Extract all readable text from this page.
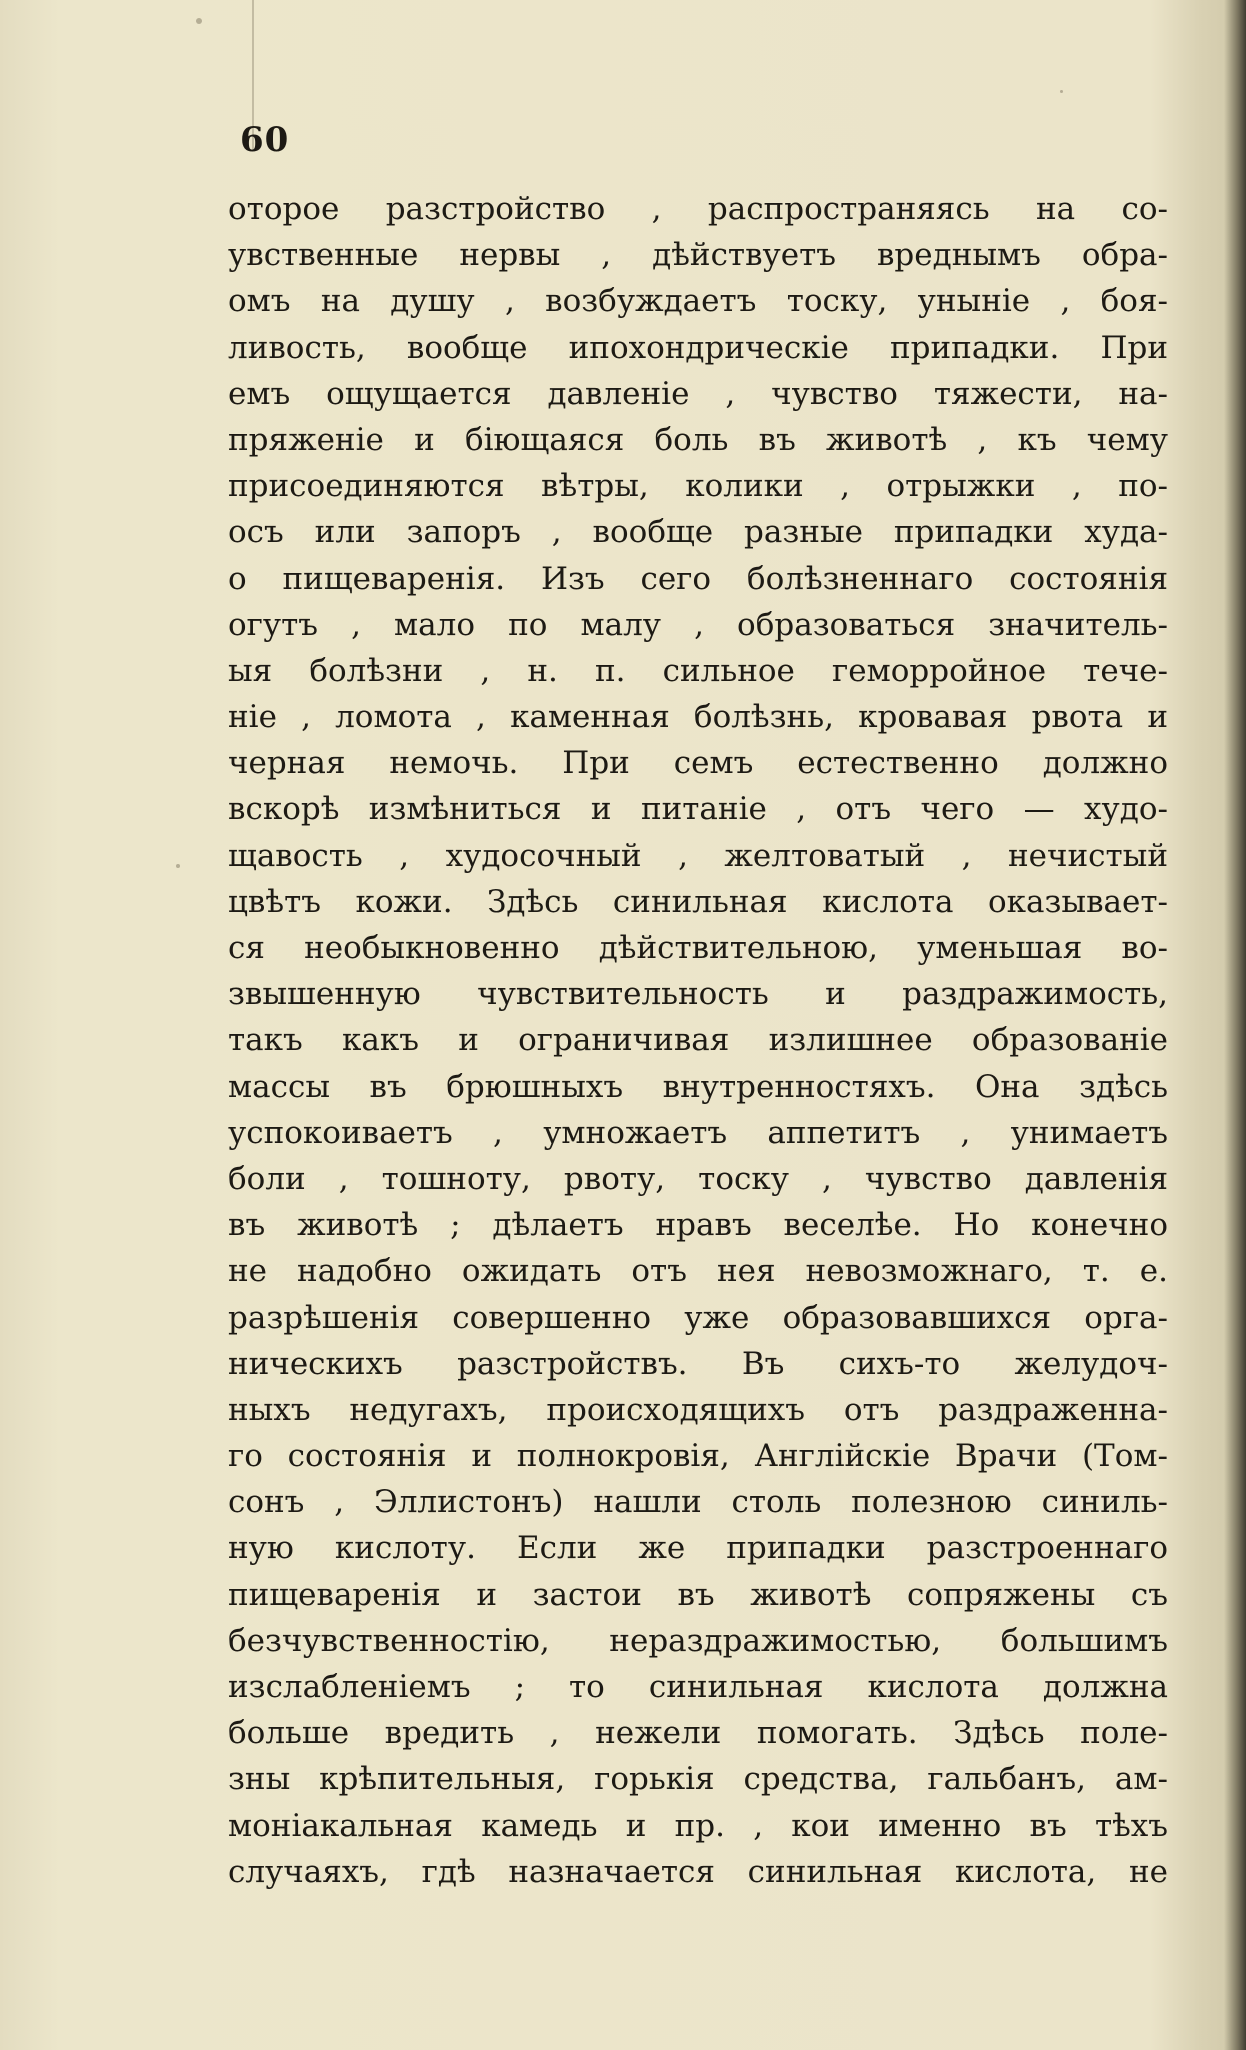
60
оторое разстройство , распространяясь на со-
увственные нервы , дѣйствуетъ вреднымъ обра-
омъ на душу , возбуждаетъ тоску, уныніе , боя-
ливость, вообще ипохондрическіе припадки. При
емъ ощущается давленіе , чувство тяжести, на-
пряженіе и біющаяся боль въ животѣ , къ чему
присоединяются вѣтры, колики , отрыжки , по-
осъ или запоръ , вообще разные припадки худа-
о пищеваренія. Изъ сего болѣзненнаго состоянія
огутъ , мало по малу , образоваться значитель-
ыя болѣзни , н. п. сильное геморройное тече-
ніе , ломота , каменная болѣзнь, кровавая рвота и
черная немочь. При семъ естественно должно
вскорѣ измѣниться и питаніе , отъ чего — худо-
щавость , худосочный , желтоватый , нечистый
цвѣтъ кожи. Здѣсь синильная кислота оказывает-
ся необыкновенно дѣйствительною, уменьшая во-
звышенную чувствительность и раздражимость,
такъ какъ и ограничивая излишнее образованіе
массы въ брюшныхъ внутренностяхъ. Она здѣсь
успокоиваетъ , умножаетъ аппетитъ , унимаетъ
боли , тошноту, рвоту, тоску , чувство давленія
въ животѣ ; дѣлаетъ нравъ веселѣе. Но конечно
не надобно ожидать отъ нея невозможнаго, т. е.
разрѣшенія совершенно уже образовавшихся орга-
ническихъ разстройствъ. Въ сихъ-то желудоч-
ныхъ недугахъ, происходящихъ отъ раздраженна-
го состоянія и полнокровія, Англійскіе Врачи (Том-
сонъ , Эллистонъ) нашли столь полезною синиль-
ную кислоту. Если же припадки разстроеннаго
пищеваренія и застои въ животѣ сопряжены съ
безчувственностію, нераздражимостью, большимъ
изслабленіемъ ; то синильная кислота должна
больше вредить , нежели помогать. Здѣсь поле-
зны крѣпительныя, горькія средства, гальбанъ, ам-
моніакальная камедь и пр. , кои именно въ тѣхъ
случаяхъ, гдѣ назначается синильная кислота, не
